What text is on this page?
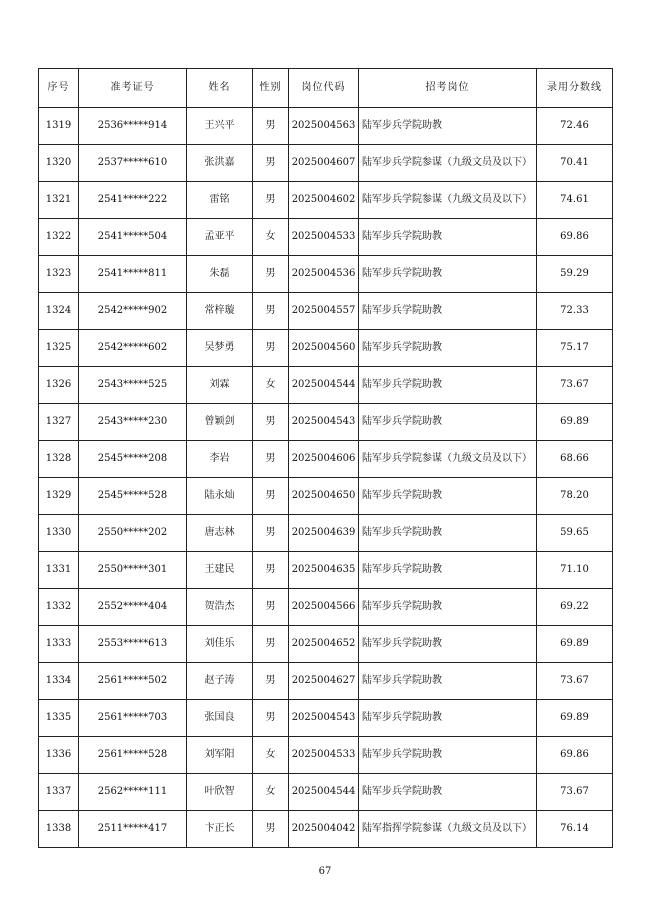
序号	准考证号	姓名	性别	岗位代码	招考岗位	录用分数线
1319	2536*****914	王兴平	男	2025004563	陆军步兵学院助教	72.46
1320	2537*****610	张洪嘉	男	2025004607	陆军步兵学院参谋（九级文员及以下）	70.41
1321	2541*****222	雷铭	男	2025004602	陆军步兵学院参谋（九级文员及以下）	74.61
1322	2541*****504	孟亚平	女	2025004533	陆军步兵学院助教	69.86
1323	2541*****811	朱磊	男	2025004536	陆军步兵学院助教	59.29
1324	2542*****902	常梓璇	男	2025004557	陆军步兵学院助教	72.33
1325	2542*****602	吴梦勇	男	2025004560	陆军步兵学院助教	75.17
1326	2543*****525	刘霖	女	2025004544	陆军步兵学院助教	73.67
1327	2543*****230	曾颖剑	男	2025004543	陆军步兵学院助教	69.89
1328	2545*****208	李岩	男	2025004606	陆军步兵学院参谋（九级文员及以下）	68.66
1329	2545*****528	陆永灿	男	2025004650	陆军步兵学院助教	78.20
1330	2550*****202	唐志林	男	2025004639	陆军步兵学院助教	59.65
1331	2550*****301	王建民	男	2025004635	陆军步兵学院助教	71.10
1332	2552*****404	贺浩杰	男	2025004566	陆军步兵学院助教	69.22
1333	2553*****613	刘佳乐	男	2025004652	陆军步兵学院助教	69.89
1334	2561*****502	赵子涛	男	2025004627	陆军步兵学院助教	73.67
1335	2561*****703	张国良	男	2025004543	陆军步兵学院助教	69.89
1336	2561*****528	刘军阳	女	2025004533	陆军步兵学院助教	69.86
1337	2562*****111	叶欣智	女	2025004544	陆军步兵学院助教	73.67
1338	2511*****417	卞正长	男	2025004042	陆军指挥学院参谋（九级文员及以下）	76.14
67
